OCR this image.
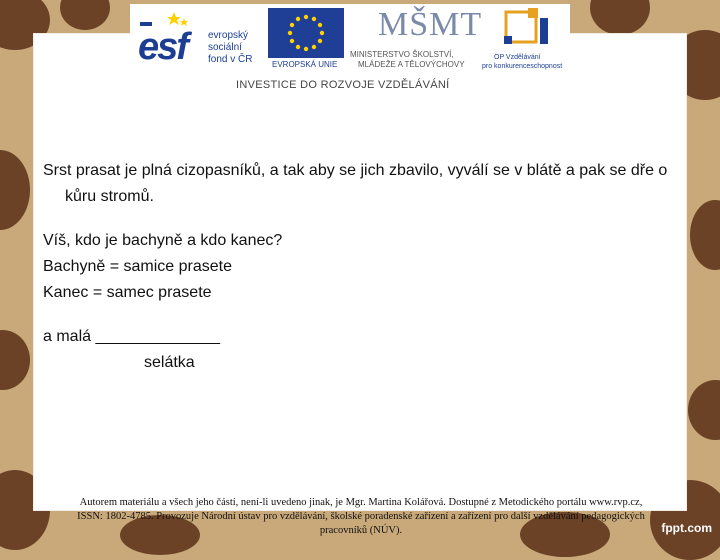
esf evropský
sociální
fond v ČR EVROPSKÁ UNIE
MŠMT
MINISTERSTVO ŠKOLSTVÍ,
MLÁDEŽE A TĚLOVÝCHOVY
OP Vzdělávání
pro konkurenceschopnost
INVESTICE DO ROZVOJE VZDĚLÁVÁNÍ

Srst prasat je plná cizopasníků, a tak aby se jich zbavilo, vyválí se v blátě a pak se dře o kůru stromů.

Víš, kdo je bachyně a kdo kanec?

Bachyně = samice prasete

Kanec = samec prasete

a malá ______________

selátka

Autorem materiálu a všech jeho částí, není-li uvedeno jinak, je Mgr. Martina Kolářová. Dostupné z Metodického portálu www.rvp.cz, ISSN: 1802-4785. Provozuje Národní ústav pro vzdělávání, školské poradenské zařízení a zařízení pro další vzdělávání pedagogických pracovníků (NÚV).	fppt.com
